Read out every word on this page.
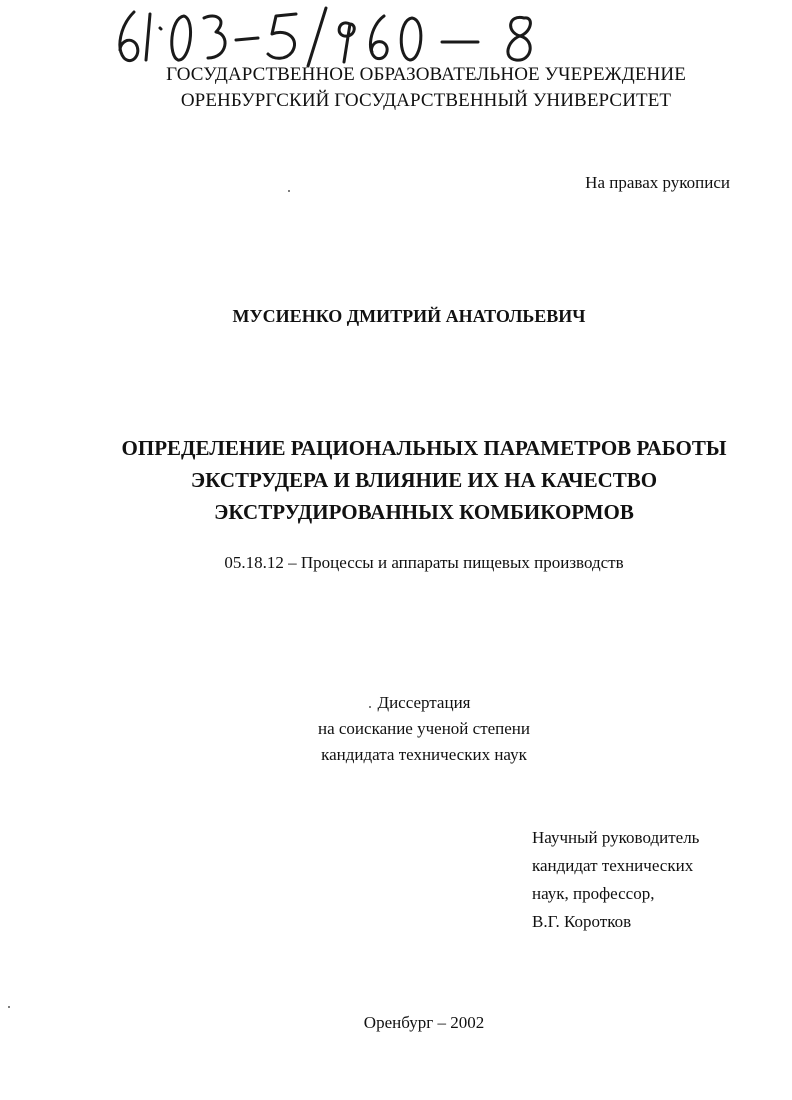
ГОСУДАРСТВЕННОЕ ОБРАЗОВАТЕЛЬНОЕ УЧЕРЕЖДЕНИЕ
ОРЕНБУРГСКИЙ ГОСУДАРСТВЕННЫЙ УНИВЕРСИТЕТ
На правах рукописи
МУСИЕНКО ДМИТРИЙ АНАТОЛЬЕВИЧ
ОПРЕДЕЛЕНИЕ РАЦИОНАЛЬНЫХ ПАРАМЕТРОВ РАБОТЫ
ЭКСТРУДЕРА И ВЛИЯНИЕ ИХ НА КАЧЕСТВО
ЭКСТРУДИРОВАННЫХ КОМБИКОРМОВ
05.18.12 – Процессы и аппараты пищевых производств
Диссертация
на соискание ученой степени
кандидата технических наук
Научный руководитель
кандидат технических
наук, профессор,
В.Г. Коротков
Оренбург – 2002
